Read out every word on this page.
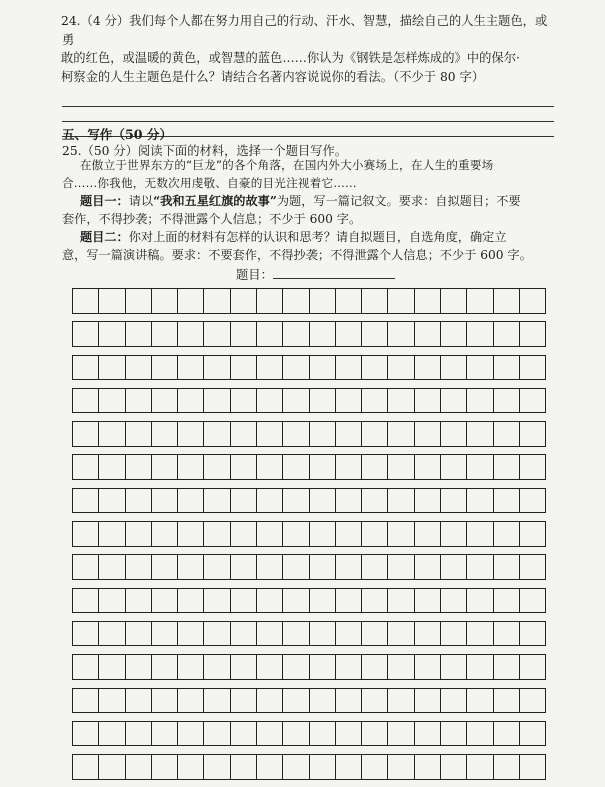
24.（4 分）我们每个人都在努力用自己的行动、汗水、智慧，描绘自己的人生主题色，或勇

敢的红色，或温暖的黄色，或智慧的蓝色……你认为《钢铁是怎样炼成的》中的保尔·

柯察金的人生主题色是什么？请结合名著内容说说你的看法。（不少于 80 字）

五、写作（50 分）
25.（50 分）阅读下面的材料，选择一个题目写作。
在傲立于世界东方的“巨龙”的各个角落，在国内外大小赛场上，在人生的重要场
合……你我他，无数次用虔敬、自豪的目光注视着它……
题目一：请以“我和五星红旗的故事”为题，写一篇记叙文。要求：自拟题目；不要
套作，不得抄袭；不得泄露个人信息；不少于 600 字。
题目二：你对上面的材料有怎样的认识和思考？请自拟题目，自选角度，确定立
意，写一篇演讲稿。要求：不要套作，不得抄袭；不得泄露个人信息；不少于 600 字。
题目：
